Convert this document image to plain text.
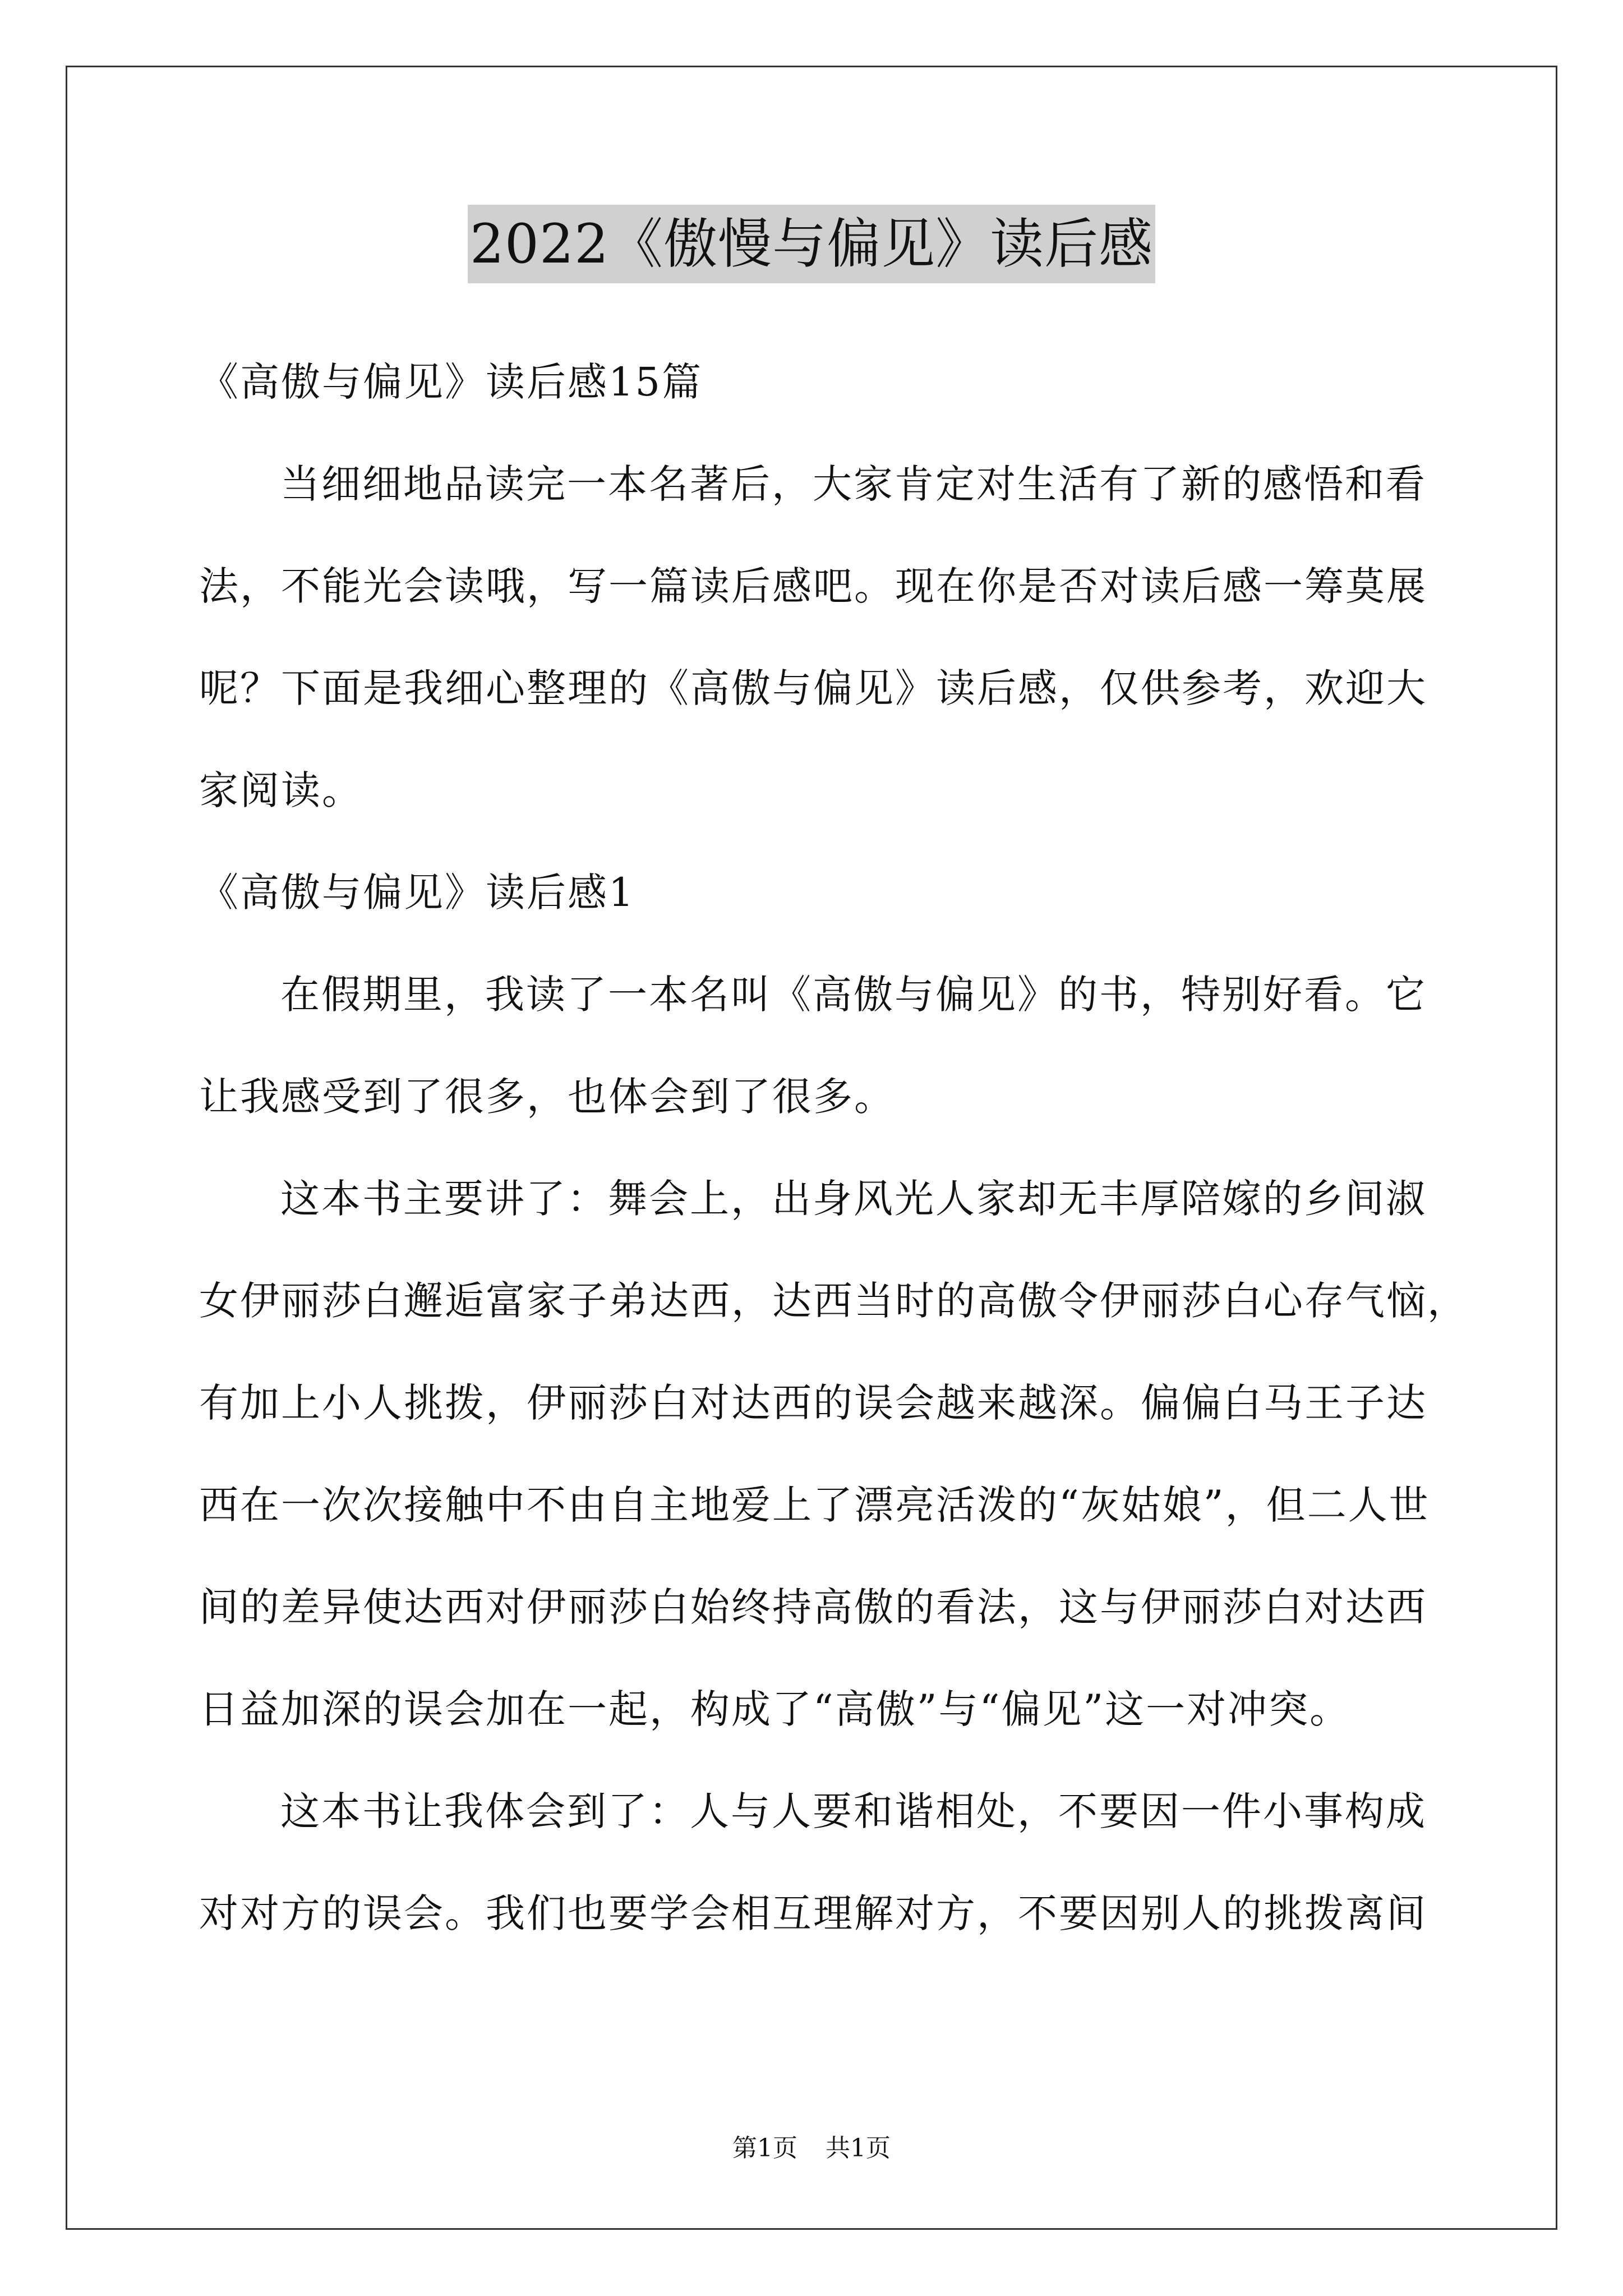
2022《傲慢与偏见》读后感
《高傲与偏见》读后感15篇
当细细地品读完一本名著后，大家肯定对生活有了新的感悟和看
法，不能光会读哦，写一篇读后感吧。现在你是否对读后感一筹莫展
呢？下面是我细心整理的《高傲与偏见》读后感，仅供参考，欢迎大
家阅读。
《高傲与偏见》读后感1
在假期里，我读了一本名叫《高傲与偏见》的书，特别好看。它
让我感受到了很多，也体会到了很多。
这本书主要讲了：舞会上，出身风光人家却无丰厚陪嫁的乡间淑
女伊丽莎白邂逅富家子弟达西，达西当时的高傲令伊丽莎白心存气恼，
有加上小人挑拨，伊丽莎白对达西的误会越来越深。偏偏白马王子达
西在一次次接触中不由自主地爱上了漂亮活泼的“灰姑娘”，但二人世
间的差异使达西对伊丽莎白始终持高傲的看法，这与伊丽莎白对达西
日益加深的误会加在一起，构成了“高傲”与“偏见”这一对冲突。
这本书让我体会到了：人与人要和谐相处，不要因一件小事构成
对对方的误会。我们也要学会相互理解对方，不要因别人的挑拨离间
第1页 共1页
